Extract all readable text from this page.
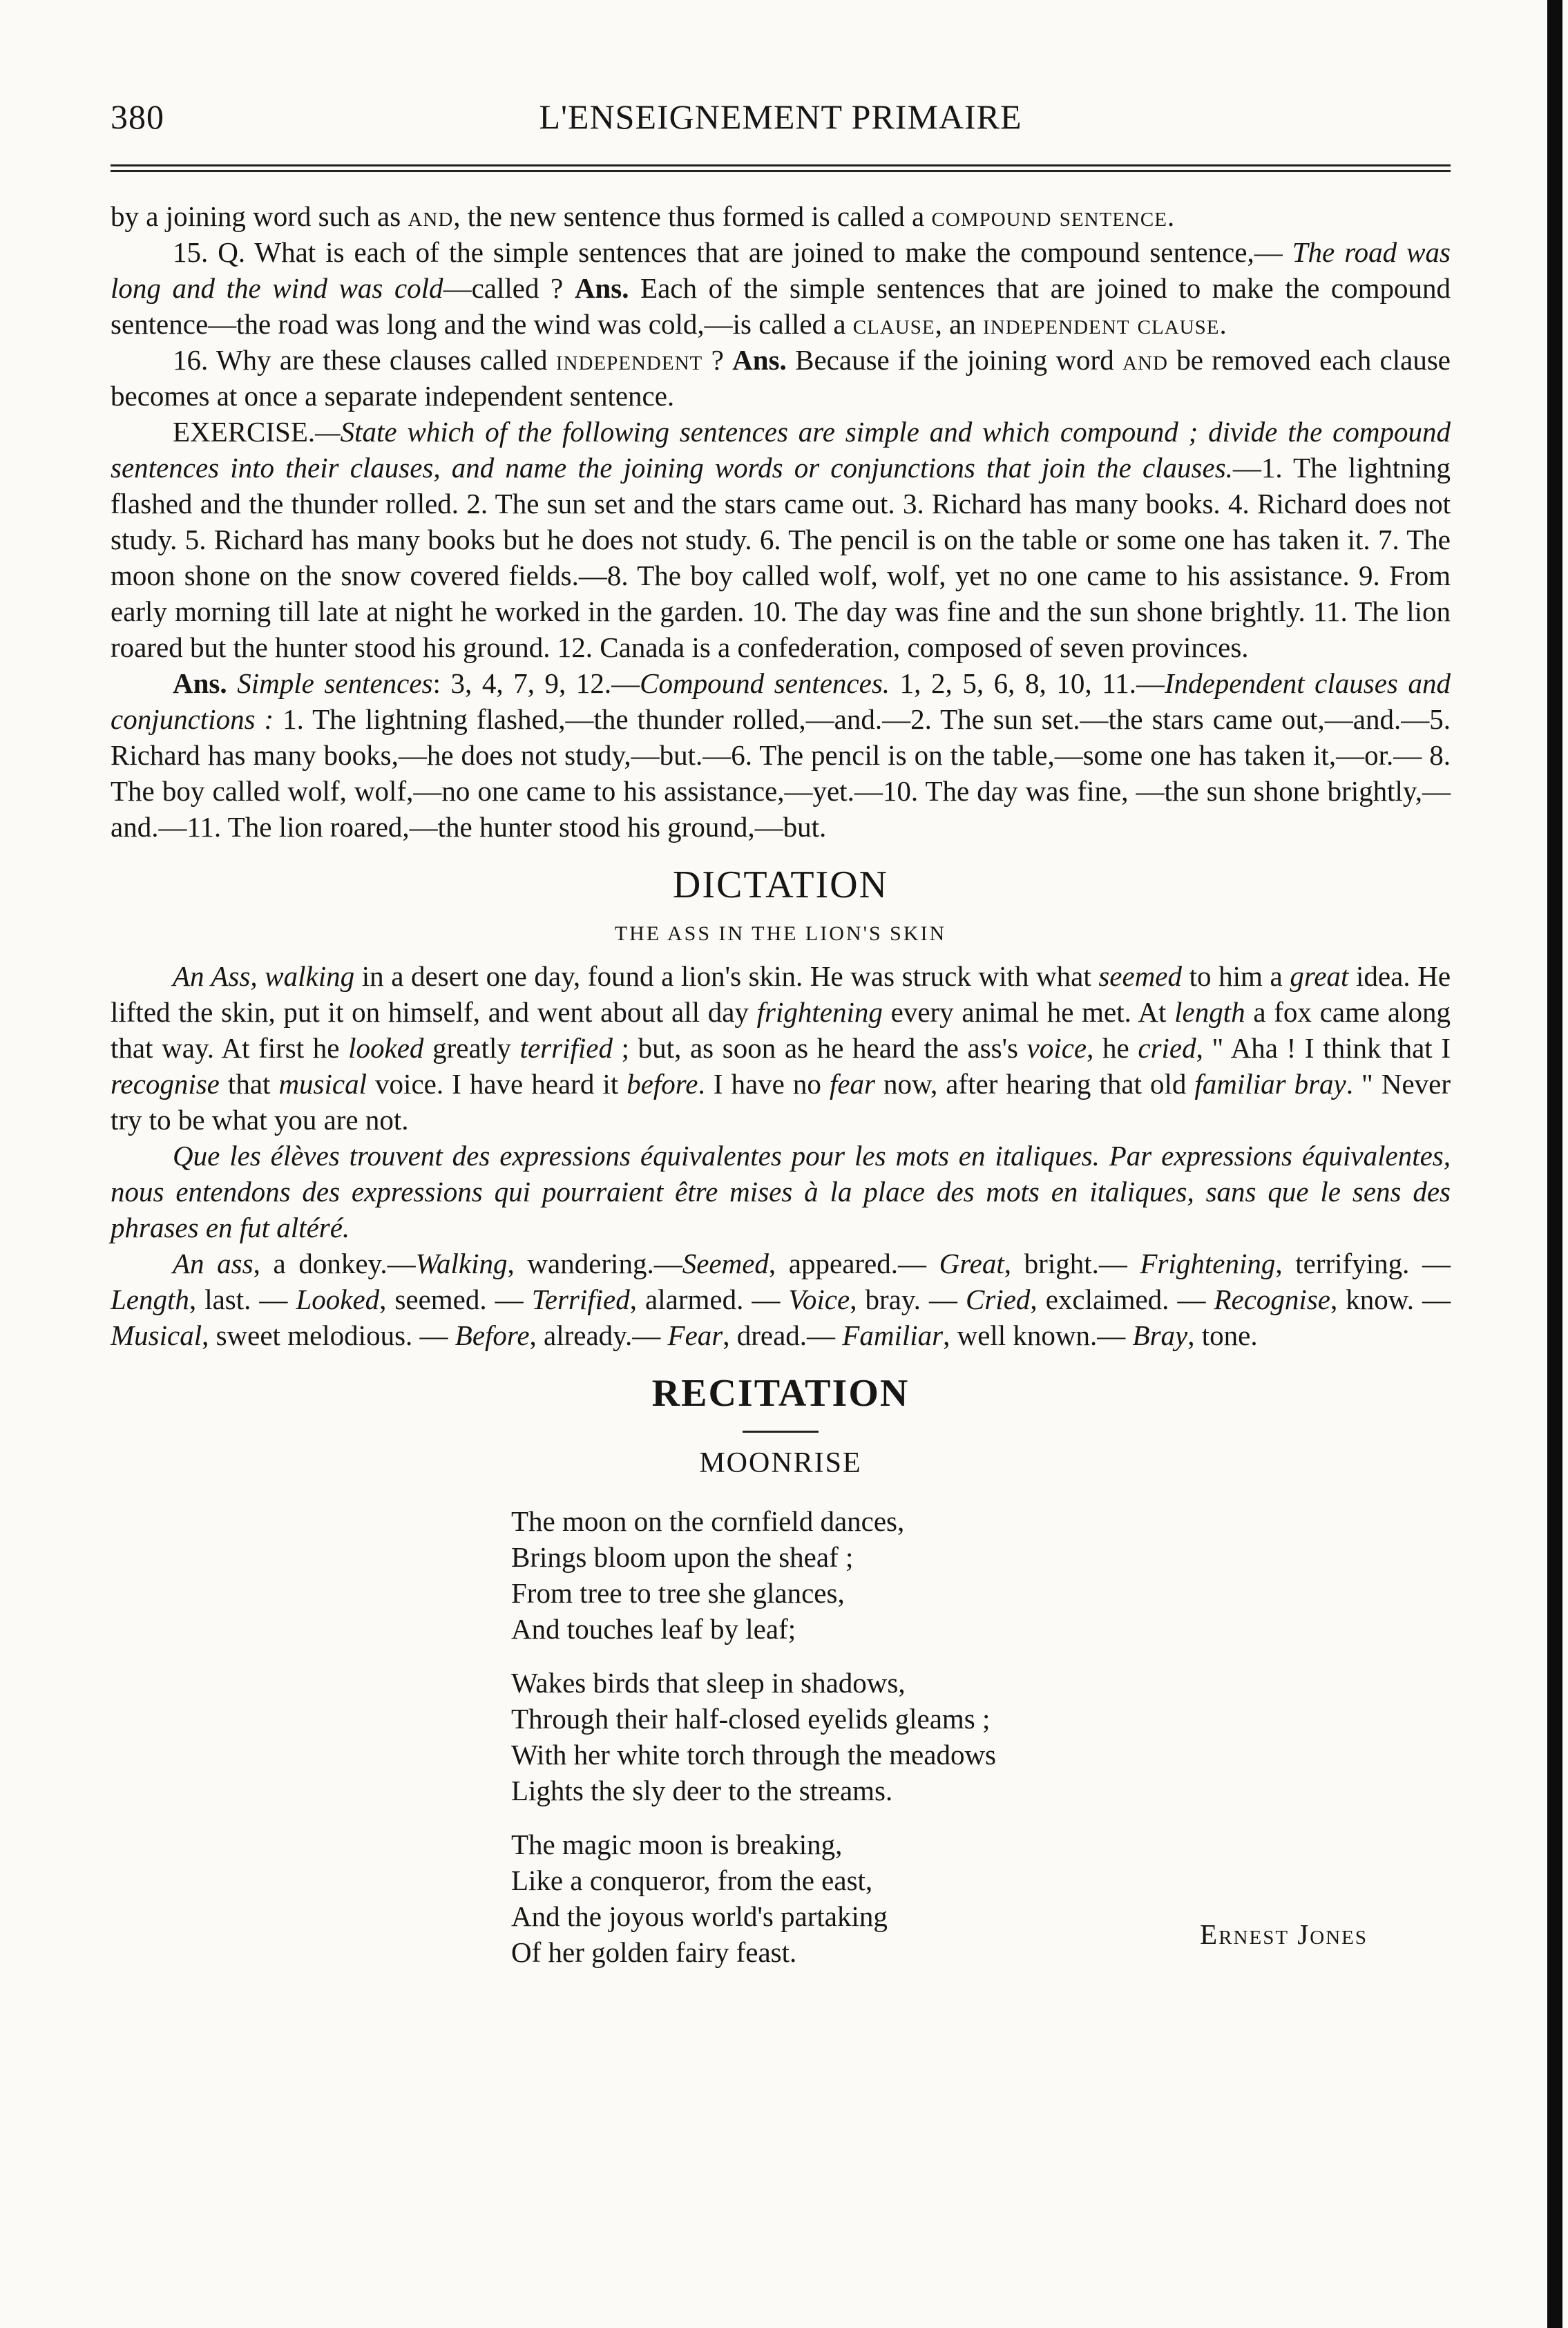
380	L'ENSEIGNEMENT PRIMAIRE

by a joining word such as and, the new sentence thus formed is called a compound sentence.

15. Q. What is each of the simple sentences that are joined to make the compound sentence,— The road was long and the wind was cold—called ? Ans. Each of the simple sentences that are joined to make the compound sentence—the road was long and the wind was cold,—is called a clause, an independent clause.

16. Why are these clauses called independent ? Ans. Because if the joining word and be removed each clause becomes at once a separate independent sentence.

EXERCISE.—State which of the following sentences are simple and which compound ; divide the compound sentences into their clauses, and name the joining words or conjunctions that join the clauses.—1. The lightning flashed and the thunder rolled. 2. The sun set and the stars came out. 3. Richard has many books. 4. Richard does not study. 5. Richard has many books but he does not study. 6. The pencil is on the table or some one has taken it. 7. The moon shone on the snow covered fields.—8. The boy called wolf, wolf, yet no one came to his assistance. 9. From early morning till late at night he worked in the garden. 10. The day was fine and the sun shone brightly. 11. The lion roared but the hunter stood his ground. 12. Canada is a confederation, composed of seven provinces.

Ans. Simple sentences: 3, 4, 7, 9, 12.—Compound sentences. 1, 2, 5, 6, 8, 10, 11.—Independent clauses and conjunctions : 1. The lightning flashed,—the thunder rolled,—and.—2. The sun set.—the stars came out,—and.—5. Richard has many books,—he does not study,—but.—6. The pencil is on the table,—some one has taken it,—or.— 8. The boy called wolf, wolf,—no one came to his assistance,—yet.—10. The day was fine, —the sun shone brightly,—and.—11. The lion roared,—the hunter stood his ground,—but.

DICTATION
THE ASS IN THE LION'S SKIN

An Ass, walking in a desert one day, found a lion's skin. He was struck with what seemed to him a great idea. He lifted the skin, put it on himself, and went about all day frightening every animal he met. At length a fox came along that way. At first he looked greatly terrified ; but, as soon as he heard the ass's voice, he cried, " Aha ! I think that I recognise that musical voice. I have heard it before. I have no fear now, after hearing that old familiar bray. " Never try to be what you are not.

Que les élèves trouvent des expressions équivalentes pour les mots en italiques. Par expressions équivalentes, nous entendons des expressions qui pourraient être mises à la place des mots en italiques, sans que le sens des phrases en fut altéré.

An ass, a donkey.—Walking, wandering.—Seemed, appeared.— Great, bright.— Frightening, terrifying. —Length, last. — Looked, seemed. — Terrified, alarmed. — Voice, bray. — Cried, exclaimed. — Recognise, know. — Musical, sweet melodious. — Before, already.— Fear, dread.— Familiar, well known.— Bray, tone.

RECITATION
MOONRISE
The moon on the cornfield dances,
Brings bloom upon the sheaf ;
From tree to tree she glances,
And touches leaf by leaf;
Wakes birds that sleep in shadows,
Through their half-closed eyelids gleams ;
With her white torch through the meadows
Lights the sly deer to the streams.
The magic moon is breaking,
Like a conqueror, from the east,
And the joyous world's partaking
Of her golden fairy feast.
Ernest Jones
